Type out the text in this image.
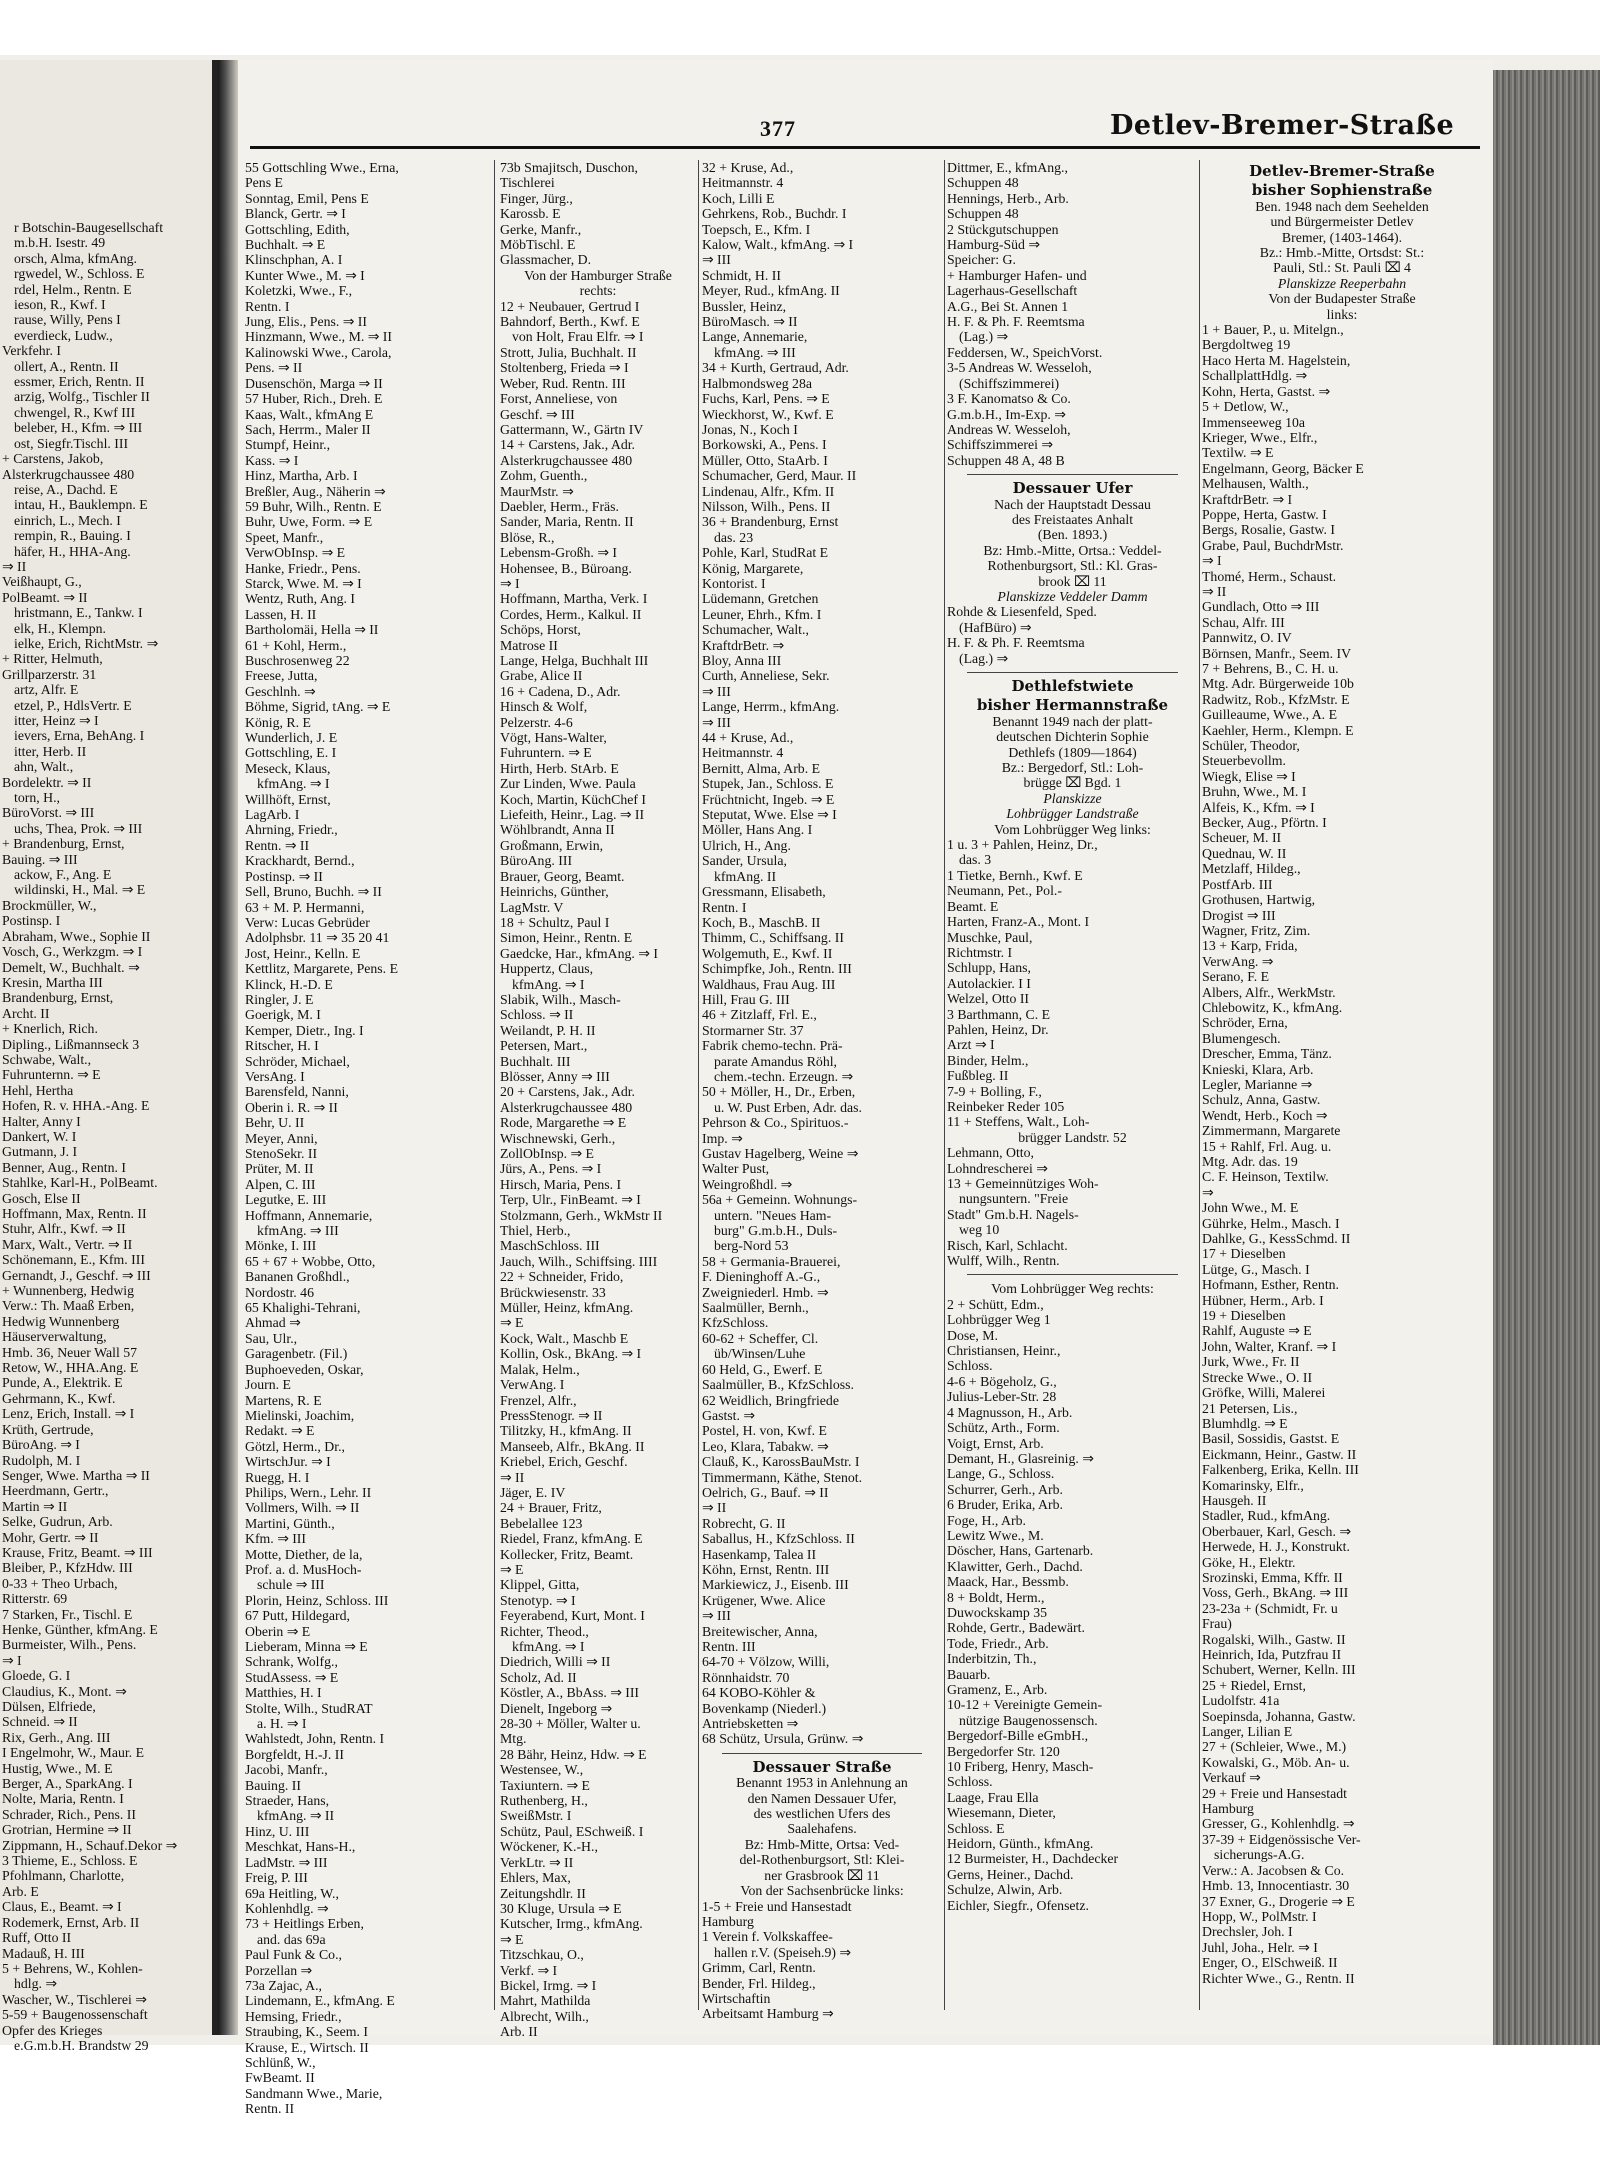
r Botschin-Baugesellschaft
m.b.H. Isestr. 49
orsch, Alma, kfmAng.
rgwedel, W., Schloss. E
rdel, Helm., Rentn. E
ieson, R., Kwf. I
rause, Willy, Pens I
everdieck, Ludw.,
Verkfehr. I
ollert, A., Rentn. II
essmer, Erich, Rentn. II
arzig, Wolfg., Tischler II
chwengel, R., Kwf III
beleber, H., Kfm. ⇒ III
ost, Siegfr.Tischl. III
+ Carstens, Jakob,
Alsterkrugchaussee 480
reise, A., Dachd. E
intau, H., Bauklempn. E
einrich, L., Mech. I
rempin, R., Bauing. I
häfer, H., HHA-Ang.
⇒ II
Veißhaupt, G.,
PolBeamt. ⇒ II
hristmann, E., Tankw. I
elk, H., Klempn.
ielke, Erich, RichtMstr. ⇒
+ Ritter, Helmuth,
Grillparzerstr. 31
artz, Alfr. E
etzel, P., HdlsVertr. E
itter, Heinz ⇒ I
ievers, Erna, BehAng. I
itter, Herb. II
ahn, Walt.,
Bordelektr. ⇒ II
torn, H.,
BüroVorst. ⇒ III
uchs, Thea, Prok. ⇒ III
+ Brandenburg, Ernst,
Bauing. ⇒ III
ackow, F., Ang. E
wildinski, H., Mal. ⇒ E
Brockmüller, W.,
Postinsp. I
Abraham, Wwe., Sophie II
Vosch, G., Werkzgm. ⇒ I
Demelt, W., Buchhalt. ⇒
Kresin, Martha III
Brandenburg, Ernst,
Archt. II
+ Knerlich, Rich.
Dipling., Lißmannseck 3
Schwabe, Walt.,
Fuhrunternn. ⇒ E
Hehl, Hertha
Hofen, R. v. HHA.-Ang. E
Halter, Anny I
Dankert, W. I
Gutmann, J. I
Benner, Aug., Rentn. I
Stahlke, Karl-H., PolBeamt.
Gosch, Else II
Hoffmann, Max, Rentn. II
Stuhr, Alfr., Kwf. ⇒ II
Marx, Walt., Vertr. ⇒ II
Schönemann, E., Kfm. III
Gernandt, J., Geschf. ⇒ III
+ Wunnenberg, Hedwig
Verw.: Th. Maaß Erben,
Hedwig Wunnenberg
Häuserverwaltung,
Hmb. 36, Neuer Wall 57
Retow, W., HHA.Ang. E
Punde, A., Elektrik. E
Gehrmann, K., Kwf.
Lenz, Erich, Install. ⇒ I
Krüth, Gertrude,
BüroAng. ⇒ I
Rudolph, M. I
Senger, Wwe. Martha ⇒ II
Heerdmann, Gertr.,
Martin ⇒ II
Selke, Gudrun, Arb.
Mohr, Gertr. ⇒ II
Krause, Fritz, Beamt. ⇒ III
Bleiber, P., KfzHdw. III
0-33 + Theo Urbach,
Ritterstr. 69
7 Starken, Fr., Tischl. E
Henke, Günther, kfmAng. E
Burmeister, Wilh., Pens.
⇒ I
Gloede, G. I
Claudius, K., Mont. ⇒
Dülsen, Elfriede,
Schneid. ⇒ II
Rix, Gerh., Ang. III
I Engelmohr, W., Maur. E
Hustig, Wwe., M. E
Berger, A., SparkAng. I
Nolte, Maria, Rentn. I
Schrader, Rich., Pens. II
Grotrian, Hermine ⇒ II
Zippmann, H., Schauf.Dekor ⇒
3 Thieme, E., Schloss. E
Pfohlmann, Charlotte,
Arb. E
Claus, E., Beamt. ⇒ I
Rodemerk, Ernst, Arb. II
Ruff, Otto II
Madauß, H. III
5 + Behrens, W., Kohlen-
hdlg. ⇒
Wascher, W., Tischlerei ⇒
5-59 + Baugenossenschaft
Opfer des Krieges
e.G.m.b.H. Brandstw 29
377	Detlev-Bremer-Straße
55 Gottschling Wwe., Erna,
Pens E
Sonntag, Emil, Pens E
Blanck, Gertr. ⇒ I
Gottschling, Edith,
Buchhalt. ⇒ E
Klinschphan, A. I
Kunter Wwe., M. ⇒ I
Koletzki, Wwe., F.,
Rentn. I
Jung, Elis., Pens. ⇒ II
Hinzmann, Wwe., M. ⇒ II
Kalinowski Wwe., Carola,
Pens. ⇒ II
Dusenschön, Marga ⇒ II
57 Huber, Rich., Dreh. E
Kaas, Walt., kfmAng E
Sach, Herrm., Maler II
Stumpf, Heinr.,
Kass. ⇒ I
Hinz, Martha, Arb. I
Breßler, Aug., Näherin ⇒
59 Buhr, Wilh., Rentn. E
Buhr, Uwe, Form. ⇒ E
Speet, Manfr.,
VerwObInsp. ⇒ E
Hanke, Friedr., Pens.
Starck, Wwe. M. ⇒ I
Wentz, Ruth, Ang. I
Lassen, H. II
Bartholomäi, Hella ⇒ II
61 + Kohl, Herm.,
Buschrosenweg 22
Freese, Jutta,
Geschlnh. ⇒
Böhme, Sigrid, tAng. ⇒ E
König, R. E
Wunderlich, J. E
Gottschling, E. I
Meseck, Klaus,
kfmAng. ⇒ I
Willhöft, Ernst,
LagArb. I
Ahrning, Friedr.,
Rentn. ⇒ II
Krackhardt, Bernd.,
Postinsp. ⇒ II
Sell, Bruno, Buchh. ⇒ II
63 + M. P. Hermanni,
Verw: Lucas Gebrüder
Adolphsbr. 11 ⇒ 35 20 41
Jost, Heinr., Kelln. E
Kettlitz, Margarete, Pens. E
Klinck, H.-D. E
Ringler, J. E
Goerigk, M. I
Kemper, Dietr., Ing. I
Ritscher, H. I
Schröder, Michael,
VersAng. I
Barensfeld, Nanni,
Oberin i. R. ⇒ II
Behr, U. II
Meyer, Anni,
StenoSekr. II
Prüter, M. II
Alpen, C. III
Legutke, E. III
Hoffmann, Annemarie,
kfmAng. ⇒ III
Mönke, I. III
65 + 67 + Wobbe, Otto,
Bananen Großhdl.,
Nordostr. 46
65 Khalighi-Tehrani,
Ahmad ⇒
Sau, Ulr.,
Garagenbetr. (Fil.)
Buphoeveden, Oskar,
Journ. E
Martens, R. E
Mielinski, Joachim,
Redakt. ⇒ E
Götzl, Herm., Dr.,
WirtschJur. ⇒ I
Ruegg, H. I
Philips, Wern., Lehr. II
Vollmers, Wilh. ⇒ II
Martini, Günth.,
Kfm. ⇒ III
Motte, Diether, de la,
Prof. a. d. MusHoch-
schule ⇒ III
Plorin, Heinz, Schloss. III
67 Putt, Hildegard,
Oberin ⇒ E
Lieberam, Minna ⇒ E
Schrank, Wolfg.,
StudAssess. ⇒ E
Matthies, H. I
Stolte, Wilh., StudRAT
a. H. ⇒ I
Wahlstedt, John, Rentn. I
Borgfeldt, H.-J. II
Jacobi, Manfr.,
Bauing. II
Straeder, Hans,
kfmAng. ⇒ II
Hinz, U. III
Meschkat, Hans-H.,
LadMstr. ⇒ III
Freig, P. III
69a Heitling, W.,
Kohlenhdlg. ⇒
73 + Heitlings Erben,
and. das 69a
Paul Funk & Co.,
Porzellan ⇒
73a Zajac, A.,
Lindemann, E., kfmAng. E
Hemsing, Friedr.,
Straubing, K., Seem. I
Krause, E., Wirtsch. II
Schlünß, W.,
FwBeamt. II
Sandmann Wwe., Marie,
Rentn. II
73b Smajitsch, Duschon,
Tischlerei
Finger, Jürg.,
Karossb. E
Gerke, Manfr.,
MöbTischl. E
Glassmacher, D.
Von der Hamburger Straße
rechts:
12 + Neubauer, Gertrud I
Bahndorf, Berth., Kwf. E
von Holt, Frau Elfr. ⇒ I
Strott, Julia, Buchhalt. II
Stoltenberg, Frieda ⇒ I
Weber, Rud. Rentn. III
Forst, Anneliese, von
Geschf. ⇒ III
Gattermann, W., Gärtn IV
14 + Carstens, Jak., Adr.
Alsterkrugchaussee 480
Zohm, Guenth.,
MaurMstr. ⇒
Daebler, Herm., Fräs.
Sander, Maria, Rentn. II
Blöse, R.,
Lebensm-Großh. ⇒ I
Hohensee, B., Büroang.
⇒ I
Hoffmann, Martha, Verk. I
Cordes, Herm., Kalkul. II
Schöps, Horst,
Matrose II
Lange, Helga, Buchhalt III
Grabe, Alice II
16 + Cadena, D., Adr.
Hinsch & Wolf,
Pelzerstr. 4-6
Vögt, Hans-Walter,
Fuhruntern. ⇒ E
Hirth, Herb. StArb. E
Zur Linden, Wwe. Paula
Koch, Martin, KüchChef I
Liefeith, Heinr., Lag. ⇒ II
Wöhlbrandt, Anna II
Großmann, Erwin,
BüroAng. III
Brauer, Georg, Beamt.
Heinrichs, Günther,
LagMstr. V
18 + Schultz, Paul I
Simon, Heinr., Rentn. E
Gaedcke, Har., kfmAng. ⇒ I
Huppertz, Claus,
kfmAng. ⇒ I
Slabik, Wilh., Masch-
Schloss. ⇒ II
Weilandt, P. H. II
Petersen, Mart.,
Buchhalt. III
Blösser, Anny ⇒ III
20 + Carstens, Jak., Adr.
Alsterkrugchaussee 480
Rode, Margarethe ⇒ E
Wischnewski, Gerh.,
ZollObInsp. ⇒ E
Jürs, A., Pens. ⇒ I
Hirsch, Maria, Pens. I
Terp, Ulr., FinBeamt. ⇒ I
Stolzmann, Gerh., WkMstr II
Thiel, Herb.,
MaschSchloss. III
Jauch, Wilh., Schiffsing. IIII
22 + Schneider, Frido,
Brückwiesenstr. 33
Müller, Heinz, kfmAng.
⇒ E
Kock, Walt., Maschb E
Kollin, Osk., BkAng. ⇒ I
Malak, Helm.,
VerwAng. I
Frenzel, Alfr.,
PressStenogr. ⇒ II
Tilitzky, H., kfmAng. II
Manseeb, Alfr., BkAng. II
Kriebel, Erich, Geschf.
⇒ II
Jäger, E. IV
24 + Brauer, Fritz,
Bebelallee 123
Riedel, Franz, kfmAng. E
Kollecker, Fritz, Beamt.
⇒ E
Klippel, Gitta,
Stenotyp. ⇒ I
Feyerabend, Kurt, Mont. I
Richter, Theod.,
kfmAng. ⇒ I
Diedrich, Willi ⇒ II
Scholz, Ad. II
Köstler, A., BbAss. ⇒ III
Dienelt, Ingeborg ⇒
28-30 + Möller, Walter u.
Mtg.
28 Bähr, Heinz, Hdw. ⇒ E
Westensee, W.,
Taxiuntern. ⇒ E
Ruthenberg, H.,
SweißMstr. I
Schütz, Paul, ESchweiß. I
Wöckener, K.-H.,
VerkLtr. ⇒ II
Ehlers, Max,
Zeitungshdlr. II
30 Kluge, Ursula ⇒ E
Kutscher, Irmg., kfmAng.
⇒ E
Titzschkau, O.,
Verkf. ⇒ I
Bickel, Irmg. ⇒ I
Mahrt, Mathilda
Albrecht, Wilh.,
Arb. II
32 + Kruse, Ad.,
Heitmannstr. 4
Koch, Lilli E
Gehrkens, Rob., Buchdr. I
Toepsch, E., Kfm. I
Kalow, Walt., kfmAng. ⇒ I
⇒ III
Schmidt, H. II
Meyer, Rud., kfmAng. II
Bussler, Heinz,
BüroMasch. ⇒ II
Lange, Annemarie,
kfmAng. ⇒ III
34 + Kurth, Gertraud, Adr.
Halbmondsweg 28a
Fuchs, Karl, Pens. ⇒ E
Wieckhorst, W., Kwf. E
Jonas, N., Koch I
Borkowski, A., Pens. I
Müller, Otto, StaArb. I
Schumacher, Gerd, Maur. II
Lindenau, Alfr., Kfm. II
Nilsson, Wilh., Pens. II
36 + Brandenburg, Ernst
das. 23
Pohle, Karl, StudRat E
König, Margarete,
Kontorist. I
Lüdemann, Gretchen
Leuner, Ehrh., Kfm. I
Schumacher, Walt.,
KraftdrBetr. ⇒
Bloy, Anna III
Curth, Anneliese, Sekr.
⇒ III
Lange, Herrm., kfmAng.
⇒ III
44 + Kruse, Ad.,
Heitmannstr. 4
Bernitt, Alma, Arb. E
Stupek, Jan., Schloss. E
Früchtnicht, Ingeb. ⇒ E
Steputat, Wwe. Else ⇒ I
Möller, Hans Ang. I
Ulrich, H., Ang.
Sander, Ursula,
kfmAng. II
Gressmann, Elisabeth,
Rentn. I
Koch, B., MaschB. II
Thimm, C., Schiffsang. II
Wolgemuth, E., Kwf. II
Schimpfke, Joh., Rentn. III
Waldhaus, Frau Aug. III
Hill, Frau G. III
46 + Zitzlaff, Frl. E.,
Stormarner Str. 37
Fabrik chemo-techn. Prä-
parate Amandus Röhl,
chem.-techn. Erzeugn. ⇒
50 + Möller, H., Dr., Erben,
u. W. Pust Erben, Adr. das.
Pehrson & Co., Spirituos.-
Imp. ⇒
Gustav Hagelberg, Weine ⇒
Walter Pust,
Weingroßhdl. ⇒
56a + Gemeinn. Wohnungs-
untern. "Neues Ham-
burg" G.m.b.H., Duls-
berg-Nord 53
58 + Germania-Brauerei,
F. Dieninghoff A.-G.,
Zweigniederl. Hmb. ⇒
Saalmüller, Bernh.,
KfzSchloss.
60-62 + Scheffer, Cl.
üb/Winsen/Luhe
60 Held, G., Ewerf. E
Saalmüller, B., KfzSchloss.
62 Weidlich, Bringfriede
Gastst. ⇒
Postel, H. von, Kwf. E
Leo, Klara, Tabakw. ⇒
Clauß, K., KarossBauMstr. I
Timmermann, Käthe, Stenot.
Oelrich, G., Bauf. ⇒ II
⇒ II
Robrecht, G. II
Saballus, H., KfzSchloss. II
Hasenkamp, Talea II
Köhn, Ernst, Rentn. III
Markiewicz, J., Eisenb. III
Krügener, Wwe. Alice
⇒ III
Breitewischer, Anna,
Rentn. III
64-70 + Völzow, Willi,
Rönnhaidstr. 70
64 KOBO-Köhler &
Bovenkamp (Niederl.)
Antriebsketten ⇒
68 Schütz, Ursula, Grünw. ⇒
Dessauer Straße
Benannt 1953 in Anlehnung an
den Namen Dessauer Ufer,
des westlichen Ufers des
Saalehafens.
Bz: Hmb-Mitte, Ortsa: Ved-
del-Rothenburgsort, Stl: Klei-
ner Grasbrook ⌧ 11
Von der Sachsenbrücke links:
1-5 + Freie und Hansestadt
Hamburg
1 Verein f. Volkskaffee-
hallen r.V. (Speiseh.9) ⇒
Grimm, Carl, Rentn.
Bender, Frl. Hildeg.,
Wirtschaftin
Arbeitsamt Hamburg ⇒
Dittmer, E., kfmAng.,
Schuppen 48
Hennings, Herb., Arb.
Schuppen 48
2 Stückgutschuppen
Hamburg-Süd ⇒
Speicher: G.
+ Hamburger Hafen- und
Lagerhaus-Gesellschaft
A.G., Bei St. Annen 1
H. F. & Ph. F. Reemtsma
(Lag.) ⇒
Feddersen, W., SpeichVorst.
3-5 Andreas W. Wesseloh,
(Schiffszimmerei)
3 F. Kanomatso & Co.
G.m.b.H., Im-Exp. ⇒
Andreas W. Wesseloh,
Schiffszimmerei ⇒
Schuppen 48 A, 48 B
Dessauer Ufer
Nach der Hauptstadt Dessau
des Freistaates Anhalt
(Ben. 1893.)
Bz: Hmb.-Mitte, Ortsa.: Veddel-
Rothenburgsort, Stl.: Kl. Gras-
brook ⌧ 11
Planskizze Veddeler Damm
Rohde & Liesenfeld, Sped.
(HafBüro) ⇒
H. F. & Ph. F. Reemtsma
(Lag.) ⇒
Dethlefstwiete
bisher Hermannstraße
Benannt 1949 nach der platt-
deutschen Dichterin Sophie
Dethlefs (1809—1864)
Bz.: Bergedorf, Stl.: Loh-
brügge ⌧ Bgd. 1
Planskizze
Lohbrügger Landstraße
Vom Lohbrügger Weg links:
1 u. 3 + Pahlen, Heinz, Dr.,
das. 3
1 Tietke, Bernh., Kwf. E
Neumann, Pet., Pol.-
Beamt. E
Harten, Franz-A., Mont. I
Muschke, Paul,
Richtmstr. I
Schlupp, Hans,
Autolackier. I I
Welzel, Otto II
3 Barthmann, C. E
Pahlen, Heinz, Dr.
Arzt ⇒ I
Binder, Helm.,
Fußbleg. II
7-9 + Bolling, F.,
Reinbeker Reder 105
11 + Steffens, Walt., Loh-
brügger Landstr. 52
Lehmann, Otto,
Lohndrescherei ⇒
13 + Gemeinnütziges Woh-
nungsuntern. "Freie
Stadt" Gm.b.H. Nagels-
weg 10
Risch, Karl, Schlacht.
Wulff, Wilh., Rentn.
Vom Lohbrügger Weg rechts:
2 + Schütt, Edm.,
Lohbrügger Weg 1
Dose, M.
Christiansen, Heinr.,
Schloss.
4-6 + Bögeholz, G.,
Julius-Leber-Str. 28
4 Magnusson, H., Arb.
Schütz, Arth., Form.
Voigt, Ernst, Arb.
Demant, H., Glasreinig. ⇒
Lange, G., Schloss.
Schurrer, Gerh., Arb.
6 Bruder, Erika, Arb.
Foge, H., Arb.
Lewitz Wwe., M.
Döscher, Hans, Gartenarb.
Klawitter, Gerh., Dachd.
Maack, Har., Bessmb.
8 + Boldt, Herm.,
Duwockskamp 35
Rohde, Gertr., Badewärt.
Tode, Friedr., Arb.
Inderbitzin, Th.,
Bauarb.
Gramenz, E., Arb.
10-12 + Vereinigte Gemein-
nützige Baugenossensch.
Bergedorf-Bille eGmbH.,
Bergedorfer Str. 120
10 Friberg, Henry, Masch-
Schloss.
Laage, Frau Ella
Wiesemann, Dieter,
Schloss. E
Heidorn, Günth., kfmAng.
12 Burmeister, H., Dachdecker
Gerns, Heiner., Dachd.
Schulze, Alwin, Arb.
Eichler, Siegfr., Ofensetz.
Detlev-Bremer-Straße
bisher Sophienstraße
Ben. 1948 nach dem Seehelden
und Bürgermeister Detlev
Bremer, (1403-1464).
Bz.: Hmb.-Mitte, Ortsdst: St.:
Pauli, Stl.: St. Pauli ⌧ 4
Planskizze Reeperbahn
Von der Budapester Straße
links:
1 + Bauer, P., u. Mitelgn.,
Bergdoltweg 19
Haco Herta M. Hagelstein,
SchallplattHdlg. ⇒
Kohn, Herta, Gastst. ⇒
5 + Detlow, W.,
Immenseeweg 10a
Krieger, Wwe., Elfr.,
Textilw. ⇒ E
Engelmann, Georg, Bäcker E
Melhausen, Walth.,
KraftdrBetr. ⇒ I
Poppe, Herta, Gastw. I
Bergs, Rosalie, Gastw. I
Grabe, Paul, BuchdrMstr.
⇒ I
Thomé, Herm., Schaust.
⇒ II
Gundlach, Otto ⇒ III
Schau, Alfr. III
Pannwitz, O. IV
Börnsen, Manfr., Seem. IV
7 + Behrens, B., C. H. u.
Mtg. Adr. Bürgerweide 10b
Radwitz, Rob., KfzMstr. E
Guilleaume, Wwe., A. E
Kaehler, Herm., Klempn. E
Schüler, Theodor,
Steuerbevollm.
Wiegk, Elise ⇒ I
Bruhn, Wwe., M. I
Alfeis, K., Kfm. ⇒ I
Becker, Aug., Pförtn. I
Scheuer, M. II
Quednau, W. II
Metzlaff, Hildeg.,
PostfArb. III
Grothusen, Hartwig,
Drogist ⇒ III
Wagner, Fritz, Zim.
13 + Karp, Frida,
VerwAng. ⇒
Serano, F. E
Albers, Alfr., WerkMstr.
Chlebowitz, K., kfmAng.
Schröder, Erna,
Blumengesch.
Drescher, Emma, Tänz.
Knieski, Klara, Arb.
Legler, Marianne ⇒
Schulz, Anna, Gastw.
Wendt, Herb., Koch ⇒
Zimmermann, Margarete
15 + Rahlf, Frl. Aug. u.
Mtg. Adr. das. 19
C. F. Heinson, Textilw.
⇒
John Wwe., M. E
Gührke, Helm., Masch. I
Dahlke, G., KessSchmd. II
17 + Dieselben
Lütge, G., Masch. I
Hofmann, Esther, Rentn.
Hübner, Herm., Arb. I
19 + Dieselben
Rahlf, Auguste ⇒ E
John, Walter, Kranf. ⇒ I
Jurk, Wwe., Fr. II
Strecke Wwe., O. II
Gröfke, Willi, Malerei
21 Petersen, Lis.,
Blumhdlg. ⇒ E
Basil, Sossidis, Gastst. E
Eickmann, Heinr., Gastw. II
Falkenberg, Erika, Kelln. III
Komarinsky, Elfr.,
Hausgeh. II
Stadler, Rud., kfmAng.
Oberbauer, Karl, Gesch. ⇒
Herwede, H. J., Konstrukt.
Göke, H., Elektr.
Srozinski, Emma, Kffr. II
Voss, Gerh., BkAng. ⇒ III
23-23a + (Schmidt, Fr. u
Frau)
Rogalski, Wilh., Gastw. II
Heinrich, Ida, Putzfrau II
Schubert, Werner, Kelln. III
25 + Riedel, Ernst,
Ludolfstr. 41a
Soepinsda, Johanna, Gastw.
Langer, Lilian E
27 + (Schleier, Wwe., M.)
Kowalski, G., Möb. An- u.
Verkauf ⇒
29 + Freie und Hansestadt
Hamburg
Gresser, G., Kohlenhdlg. ⇒
37-39 + Eidgenössische Ver-
sicherungs-A.G.
Verw.: A. Jacobsen & Co.
Hmb. 13, Innocentiastr. 30
37 Exner, G., Drogerie ⇒ E
Hopp, W., PolMstr. I
Drechsler, Joh. I
Juhl, Joha., Helr. ⇒ I
Enger, O., ElSchweiß. II
Richter Wwe., G., Rentn. II
